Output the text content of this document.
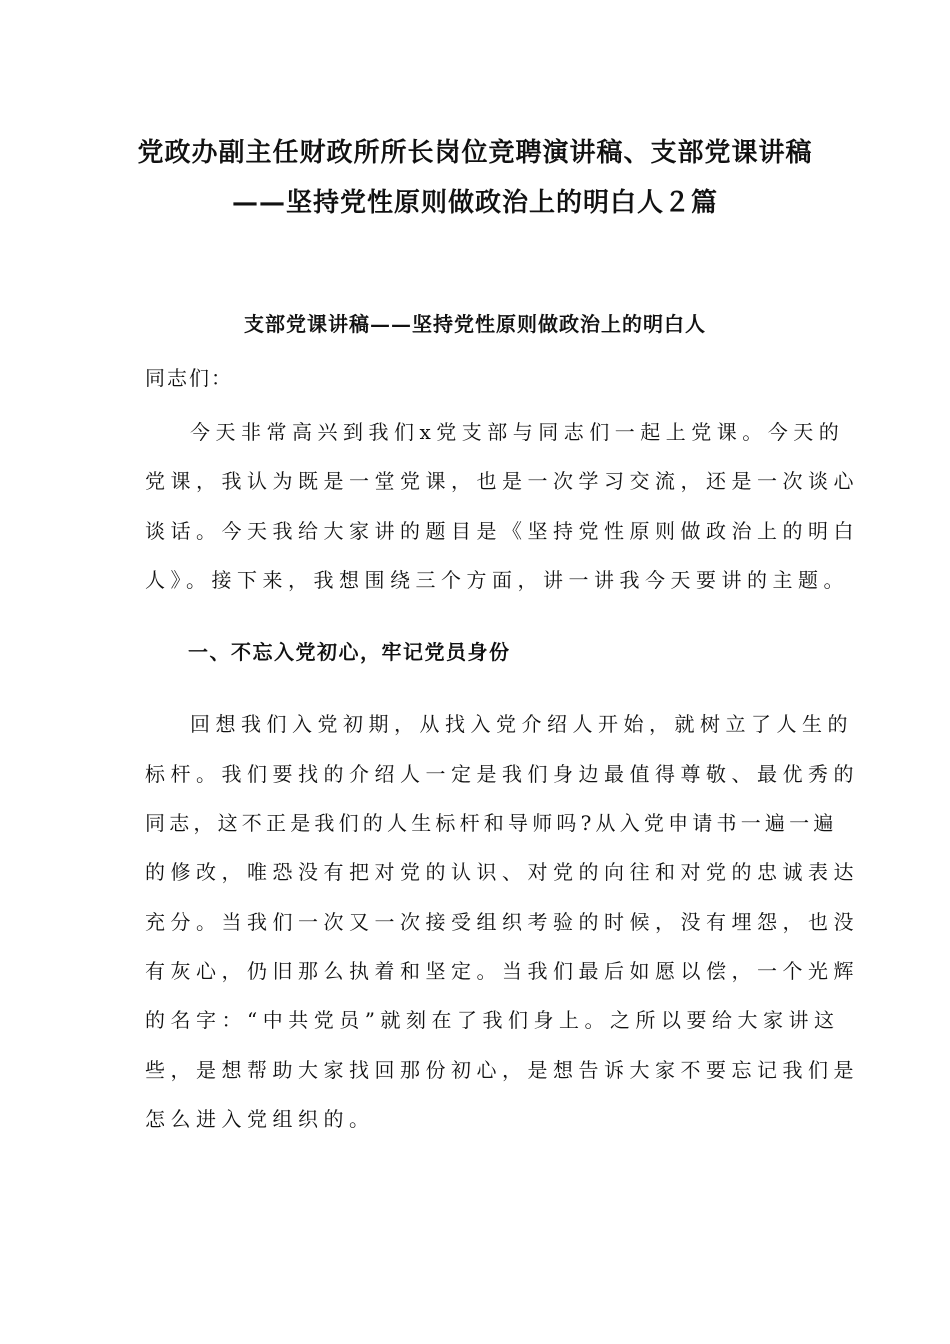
党政办副主任财政所所长岗位竞聘演讲稿、支部党课讲稿
——坚持党性原则做政治上的明白人２篇
支部党课讲稿——坚持党性原则做政治上的明白人
同志们：
今天非常高兴到我们x党支部与同志们一起上党课。今天的
党课，我认为既是一堂党课，也是一次学习交流，还是一次谈心
谈话。今天我给大家讲的题目是《坚持党性原则做政治上的明白
人》。接下来，我想围绕三个方面，讲一讲我今天要讲的主题。
一、不忘入党初心，牢记党员身份
回想我们入党初期，从找入党介绍人开始，就树立了人生的
标杆。我们要找的介绍人一定是我们身边最值得尊敬、最优秀的
同志，这不正是我们的人生标杆和导师吗?从入党申请书一遍一遍
的修改，唯恐没有把对党的认识、对党的向往和对党的忠诚表达
充分。当我们一次又一次接受组织考验的时候，没有埋怨，也没
有灰心，仍旧那么执着和坚定。当我们最后如愿以偿，一个光辉
的名字：“中共党员”就刻在了我们身上。之所以要给大家讲这
些，是想帮助大家找回那份初心，是想告诉大家不要忘记我们是
怎么进入党组织的。
